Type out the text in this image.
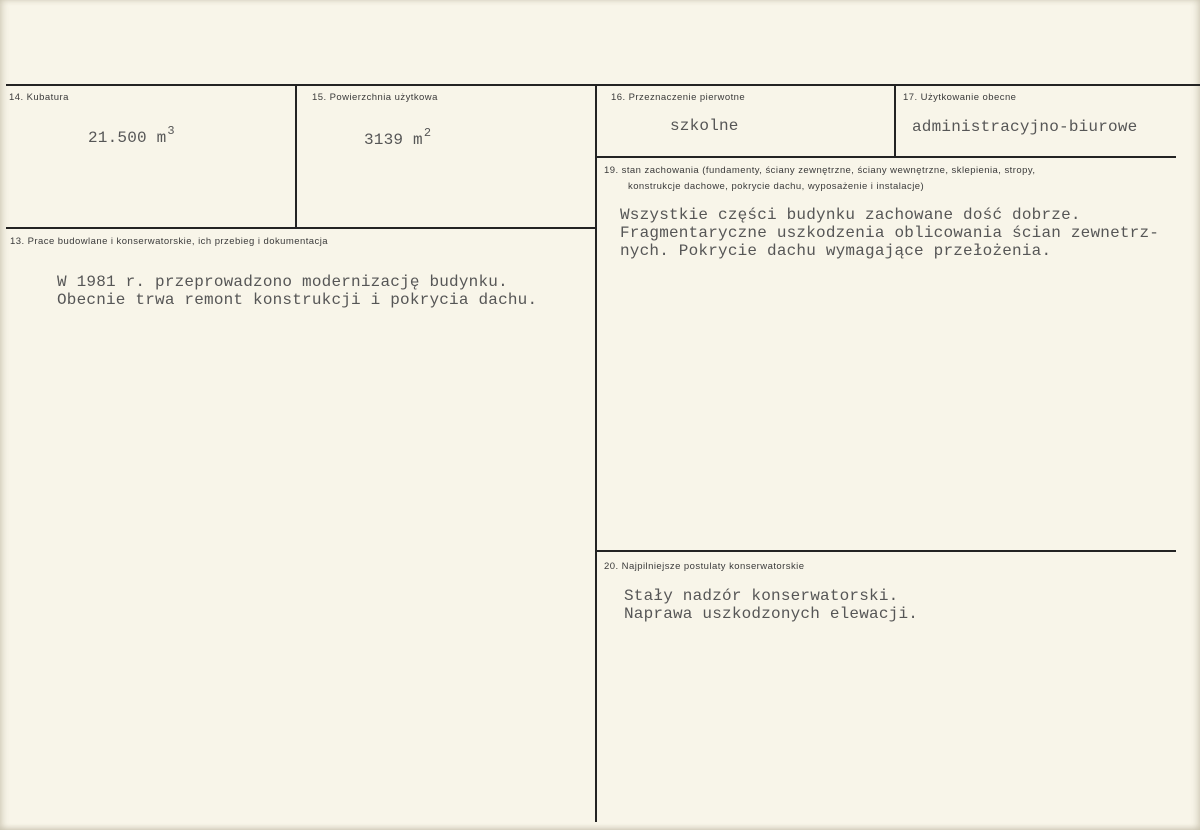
14. Kubatura
21.500 $m^3$
15. Powierzchnia użytkowa
3139 $m^2$
16. Przeznaczenie pierwotne
szkolne
17. Użytkowanie obecne
administracyjno-biurowe
19. stan zachowania (fundamenty, ściany zewnętrzne, ściany wewnętrzne, sklepienia, stropy,
konstrukcje dachowe, pokrycie dachu, wyposażenie i instalacje)
Wszystkie części budynku zachowane dość dobrze.
Fragmentaryczne uszkodzenia oblicowania ścian zewnetrz-
nych. Pokrycie dachu wymagające przełożenia.
13. Prace budowlane i konserwatorskie, ich przebieg i dokumentacja
W 1981 r. przeprowadzono modernizację budynku.
Obecnie trwa remont konstrukcji i pokrycia dachu.
20. Najpilniejsze postulaty konserwatorskie
Stały nadzór konserwatorski.
Naprawa uszkodzonych elewacji.
